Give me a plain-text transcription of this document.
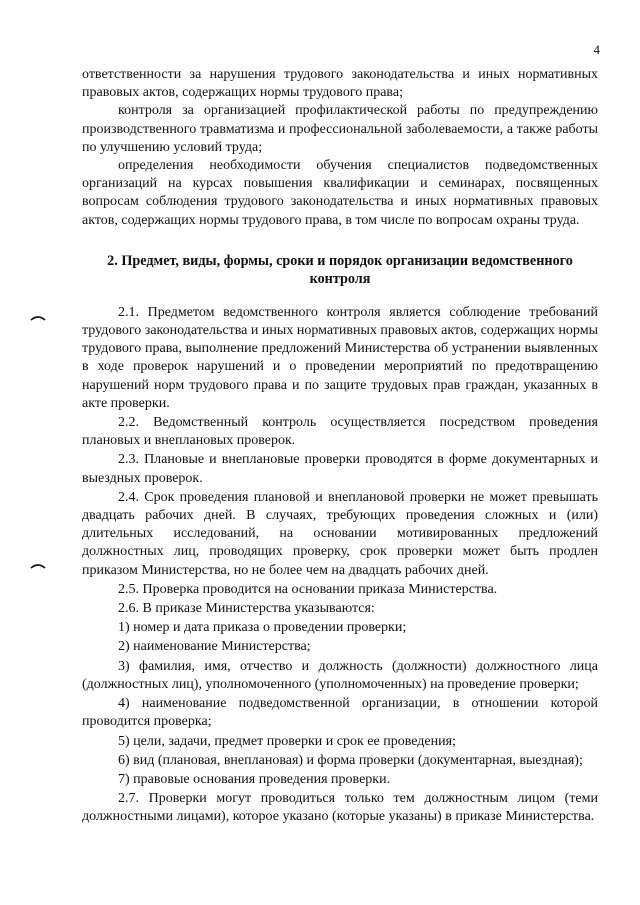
4

ответственности за нарушения трудового законодательства и иных нормативных правовых актов, содержащих нормы трудового права;

контроля за организацией профилактической работы по предупреждению производственного травматизма и профессиональной заболеваемости, а также работы по улучшению условий труда;

определения необходимости обучения специалистов подведомственных организаций на курсах повышения квалификации и семинарах, посвященных вопросам соблюдения трудового законодательства и иных нормативных правовых актов, содержащих нормы трудового права, в том числе по вопросам охраны труда.

2. Предмет, виды, формы, сроки и порядок организации ведомственного контроля

2.1. Предметом ведомственного контроля является соблюдение требований трудового законодательства и иных нормативных правовых актов, содержащих нормы трудового права, выполнение предложений Министерства об устранении выявленных в ходе проверок нарушений и о проведении мероприятий по предотвращению нарушений норм трудового права и по защите трудовых прав граждан, указанных в акте проверки.

2.2. Ведомственный контроль осуществляется посредством проведения плановых и внеплановых проверок.

2.3. Плановые и внеплановые проверки проводятся в форме документарных и выездных проверок.

2.4. Срок проведения плановой и внеплановой проверки не может превышать двадцать рабочих дней. В случаях, требующих проведения сложных и (или) длительных исследований, на основании мотивированных предложений должностных лиц, проводящих проверку, срок проверки может быть продлен приказом Министерства, но не более чем на двадцать рабочих дней.

2.5. Проверка проводится на основании приказа Министерства.

2.6. В приказе Министерства указываются:

1) номер и дата приказа о проведении проверки;

2) наименование Министерства;

3) фамилия, имя, отчество и должность (должности) должностного лица (должностных лиц), уполномоченного (уполномоченных) на проведение проверки;

4) наименование подведомственной организации, в отношении которой проводится проверка;

5) цели, задачи, предмет проверки и срок ее проведения;

6) вид (плановая, внеплановая) и форма проверки (документарная, выездная);

7) правовые основания проведения проверки.

2.7. Проверки могут проводиться только тем должностным лицом (теми должностными лицами), которое указано (которые указаны) в приказе Министерства.
